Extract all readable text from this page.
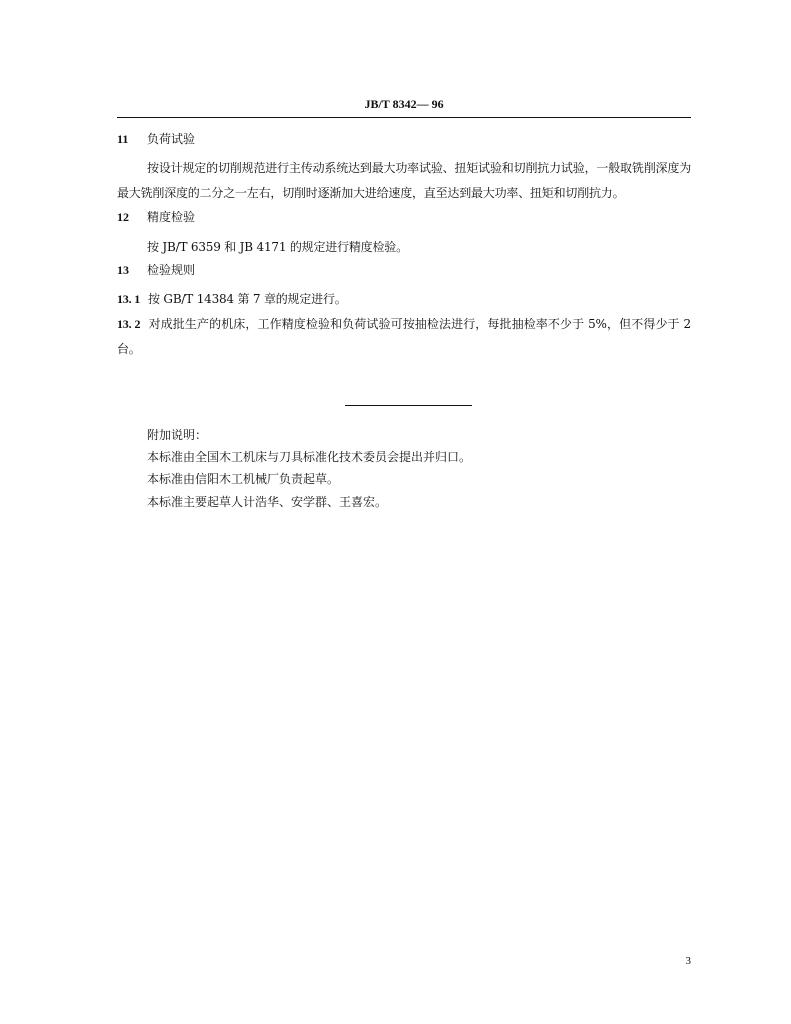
JB/T 8342— 96
11 负荷试验
按设计规定的切削规范进行主传动系统达到最大功率试验、扭矩试验和切削抗力试验，一般取铣削深度为最大铣削深度的二分之一左右，切削时逐渐加大进给速度，直至达到最大功率、扭矩和切削抗力。
12 精度检验
按 JB/T 6359 和 JB 4171 的规定进行精度检验。
13 检验规则
13. 1 按 GB/T 14384 第 7 章的规定进行。
13. 2 对成批生产的机床，工作精度检验和负荷试验可按抽检法进行，每批抽检率不少于 5%，但不得少于 2 台。
附加说明：
本标准由全国木工机床与刀具标准化技术委员会提出并归口。
本标准由信阳木工机械厂负责起草。
本标准主要起草人计浩华、安学群、王喜宏。
3
